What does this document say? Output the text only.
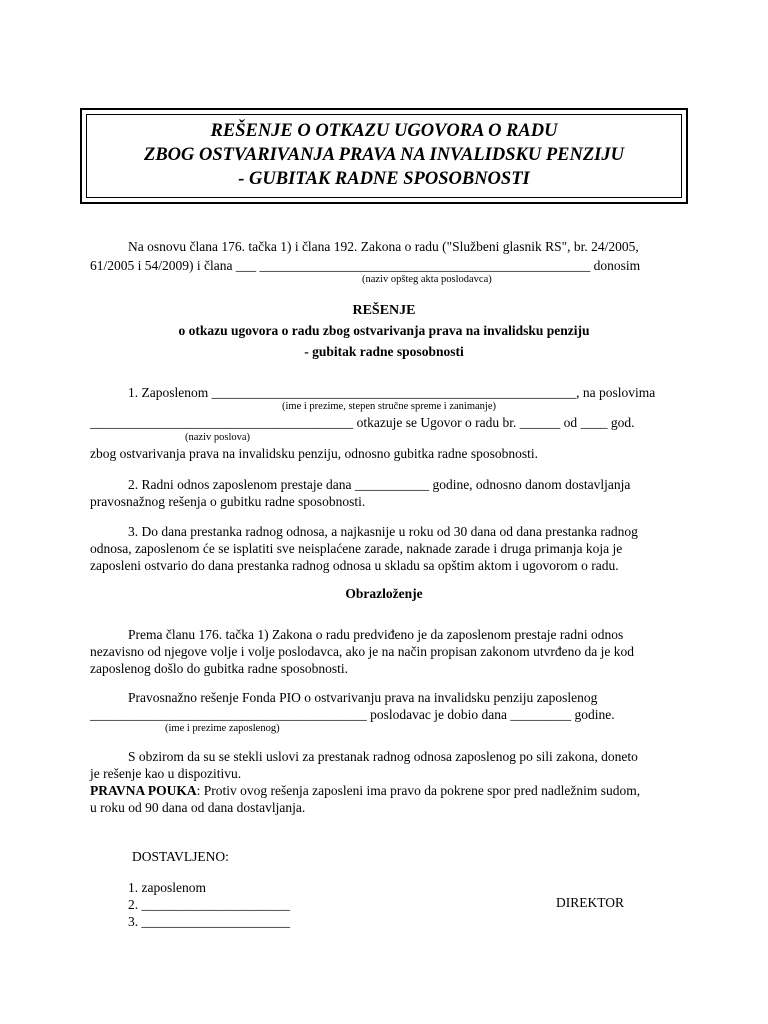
REŠENJE O OTKAZU UGOVORA O RADU
ZBOG OSTVARIVANJA PRAVA NA INVALIDSKU PENZIJU
- GUBITAK RADNE SPOSOBNOSTI
Na osnovu člana 176. tačka 1) i člana 192. Zakona o radu ("Službeni glasnik RS", br. 24/2005,
61/2005 i 54/2009) i člana ___ _________________________________________________ donosim
(naziv opšteg akta poslodavca)
REŠENJE
o otkazu ugovora o radu zbog ostvarivanja prava na invalidsku penziju
- gubitak radne sposobnosti
1. Zaposlenom ______________________________________________________, na poslovima
(ime i prezime, stepen stručne spreme i zanimanje)
_______________________________________ otkazuje se Ugovor o radu br. ______ od ____ god.
(naziv poslova)
zbog ostvarivanja prava na invalidsku penziju, odnosno gubitka radne sposobnosti.
2. Radni odnos zaposlenom prestaje dana ___________ godine, odnosno danom dostavljanja
pravosnažnog rešenja o gubitku radne sposobnosti.
3. Do dana prestanka radnog odnosa, a najkasnije u roku od 30 dana od dana prestanka radnog
odnosa, zaposlenom će se isplatiti sve neisplaćene zarade, naknade zarade i druga primanja koja je
zaposleni ostvario do dana prestanka radnog odnosa u skladu sa opštim aktom i ugovorom o radu.
Obrazloženje
Prema članu 176. tačka 1) Zakona o radu predviđeno je da zaposlenom prestaje radni odnos
nezavisno od njegove volje i volje poslodavca, ako je na način propisan zakonom utvrđeno da je kod
zaposlenog došlo do gubitka radne sposobnosti.
Pravosnažno rešenje Fonda PIO o ostvarivanju prava na invalidsku penziju zaposlenog
_________________________________________ poslodavac je dobio dana _________ godine.
(ime i prezime zaposlenog)
S obzirom da su se stekli uslovi za prestanak radnog odnosa zaposlenog po sili zakona, doneto
je rešenje kao u dispozitivu.
PRAVNA POUKA: Protiv ovog rešenja zaposleni ima pravo da pokrene spor pred nadležnim sudom,
u roku od 90 dana od dana dostavljanja.
DOSTAVLJENO:
1. zaposlenom
2. ______________________
3. ______________________
DIREKTOR
